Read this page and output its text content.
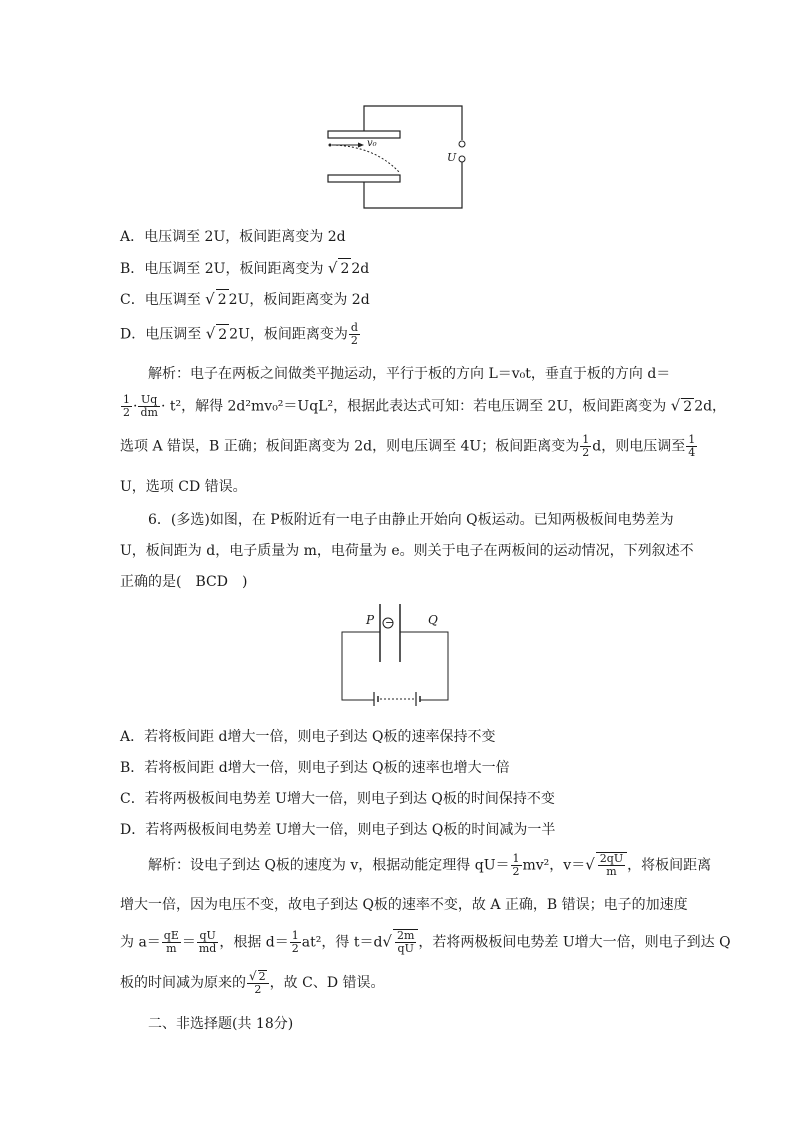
v₀
U
A．电压调至 2U，板间距离变为 2d
B．电压调至 2U，板间距离变为 √ 2 2d
C．电压调至 √ 2 2U，板间距离变为 2d
D．电压调至 √ 2 2U，板间距离变为 $\frac{d}{2}$
解析：电子在两板之间做类平抛运动，平行于板的方向 L＝v₀t，垂直于板的方向 d＝
$\frac{1}{2} \cdot \frac{Uq}{dm} \cdot t^2$，解得 2d²mv₀²＝UqL²，根据此表达式可知：若电压调至 2U，板间距离变为 √ 2 2d，
选项 A 错误，B 正确；板间距离变为 2d，则电压调至 4U；板间距离变为 $\frac{1}{2}$ d，则电压调至 $\frac{1}{4}$
U，选项 CD 错误。
6．(多选)如图，在 P板附近有一电子由静止开始向 Q板运动。已知两极板间电势差为
U，板间距为 d，电子质量为 m，电荷量为 e。则关于电子在两板间的运动情况，下列叙述不
正确的是(　BCD　)
P	Q
−
A．若将板间距 d增大一倍，则电子到达 Q板的速率保持不变
B．若将板间距 d增大一倍，则电子到达 Q板的速率也增大一倍
C．若将两极板间电势差 U增大一倍，则电子到达 Q板的时间保持不变
D．若将两极板间电势差 U增大一倍，则电子到达 Q板的时间减为一半
解析：设电子到达 Q板的速度为 v，根据动能定理得 $qU= \frac{1}{2} mv^2$，$v=√ \frac{2qU}{m}$ ，将板间距离
增大一倍，因为电压不变，故电子到达 Q板的速率不变，故 A 正确，B 错误；电子的加速度
为 $a= \frac{qE}{m} = \frac{qU}{md}$ ，根据 $d= \frac{1}{2} at^2$，得 $t=d√ \frac{2m}{qU}$ ，若将两极板间电势差 U增大一倍，则电子到达 Q
板的时间减为原来的 $\frac{√ 2}{2}$ ，故 C、D 错误。
二、非选择题(共 18分)
